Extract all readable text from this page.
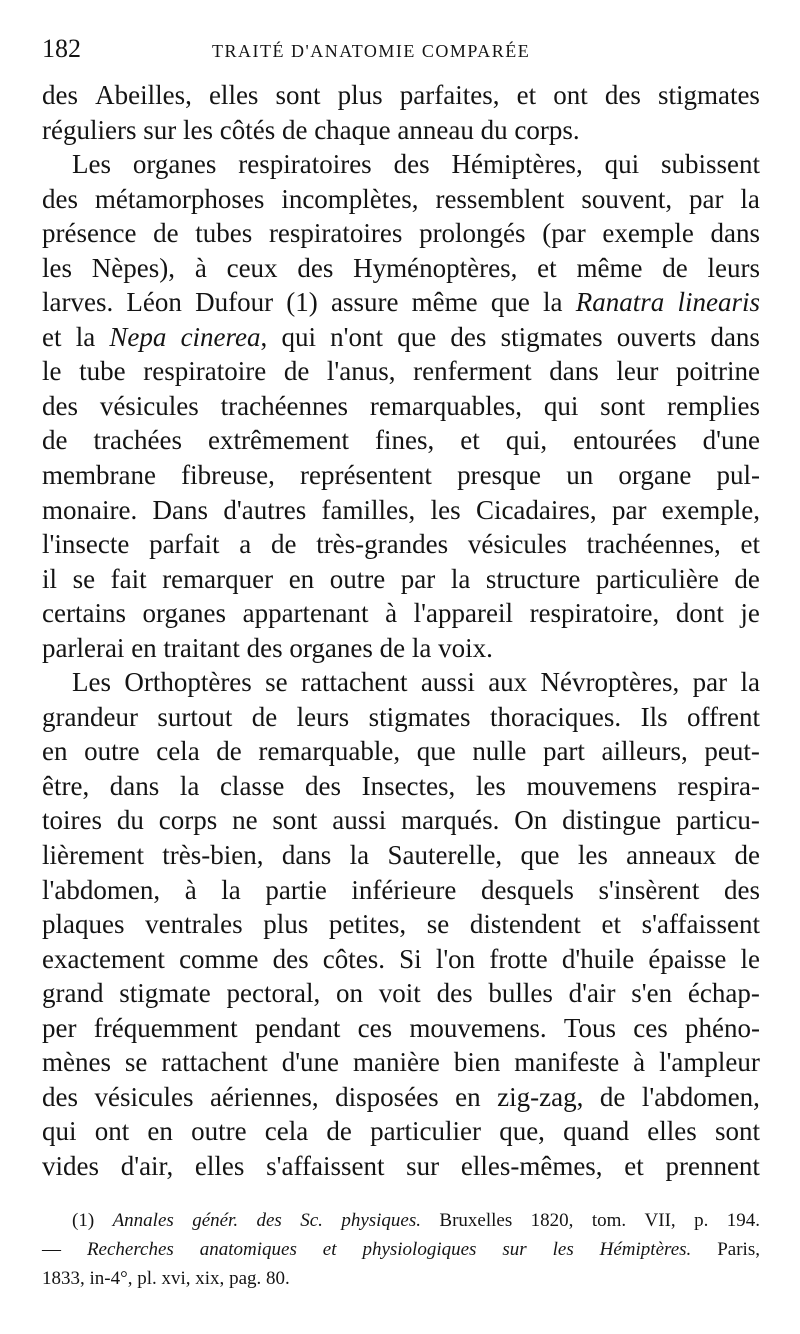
182	TRAITÉ D'ANATOMIE COMPARÉE
des Abeilles, elles sont plus parfaites, et ont des stigmates
réguliers sur les côtés de chaque anneau du corps.
Les organes respiratoires des Hémiptères, qui subissent
des métamorphoses incomplètes, ressemblent souvent, par la
présence de tubes respiratoires prolongés (par exemple dans
les Nèpes), à ceux des Hyménoptères, et même de leurs
larves. Léon Dufour (1) assure même que la Ranatra linearis
et la Nepa cinerea, qui n'ont que des stigmates ouverts dans
le tube respiratoire de l'anus, renferment dans leur poitrine
des vésicules trachéennes remarquables, qui sont remplies
de trachées extrêmement fines, et qui, entourées d'une
membrane fibreuse, représentent presque un organe pul-
monaire. Dans d'autres familles, les Cicadaires, par exemple,
l'insecte parfait a de très-grandes vésicules trachéennes, et
il se fait remarquer en outre par la structure particulière de
certains organes appartenant à l'appareil respiratoire, dont je
parlerai en traitant des organes de la voix.
Les Orthoptères se rattachent aussi aux Névroptères, par la
grandeur surtout de leurs stigmates thoraciques. Ils offrent
en outre cela de remarquable, que nulle part ailleurs, peut-
être, dans la classe des Insectes, les mouvemens respira-
toires du corps ne sont aussi marqués. On distingue particu-
lièrement très-bien, dans la Sauterelle, que les anneaux de
l'abdomen, à la partie inférieure desquels s'insèrent des
plaques ventrales plus petites, se distendent et s'affaissent
exactement comme des côtes. Si l'on frotte d'huile épaisse le
grand stigmate pectoral, on voit des bulles d'air s'en échap-
per fréquemment pendant ces mouvemens. Tous ces phéno-
mènes se rattachent d'une manière bien manifeste à l'ampleur
des vésicules aériennes, disposées en zig-zag, de l'abdomen,
qui ont en outre cela de particulier que, quand elles sont
vides d'air, elles s'affaissent sur elles-mêmes, et prennent
(1) Annales génér. des Sc. physiques. Bruxelles 1820, tom. VII, p. 194.
— Recherches anatomiques et physiologiques sur les Hémiptères. Paris,
1833, in-4°, pl. xvi, xix, pag. 80.
